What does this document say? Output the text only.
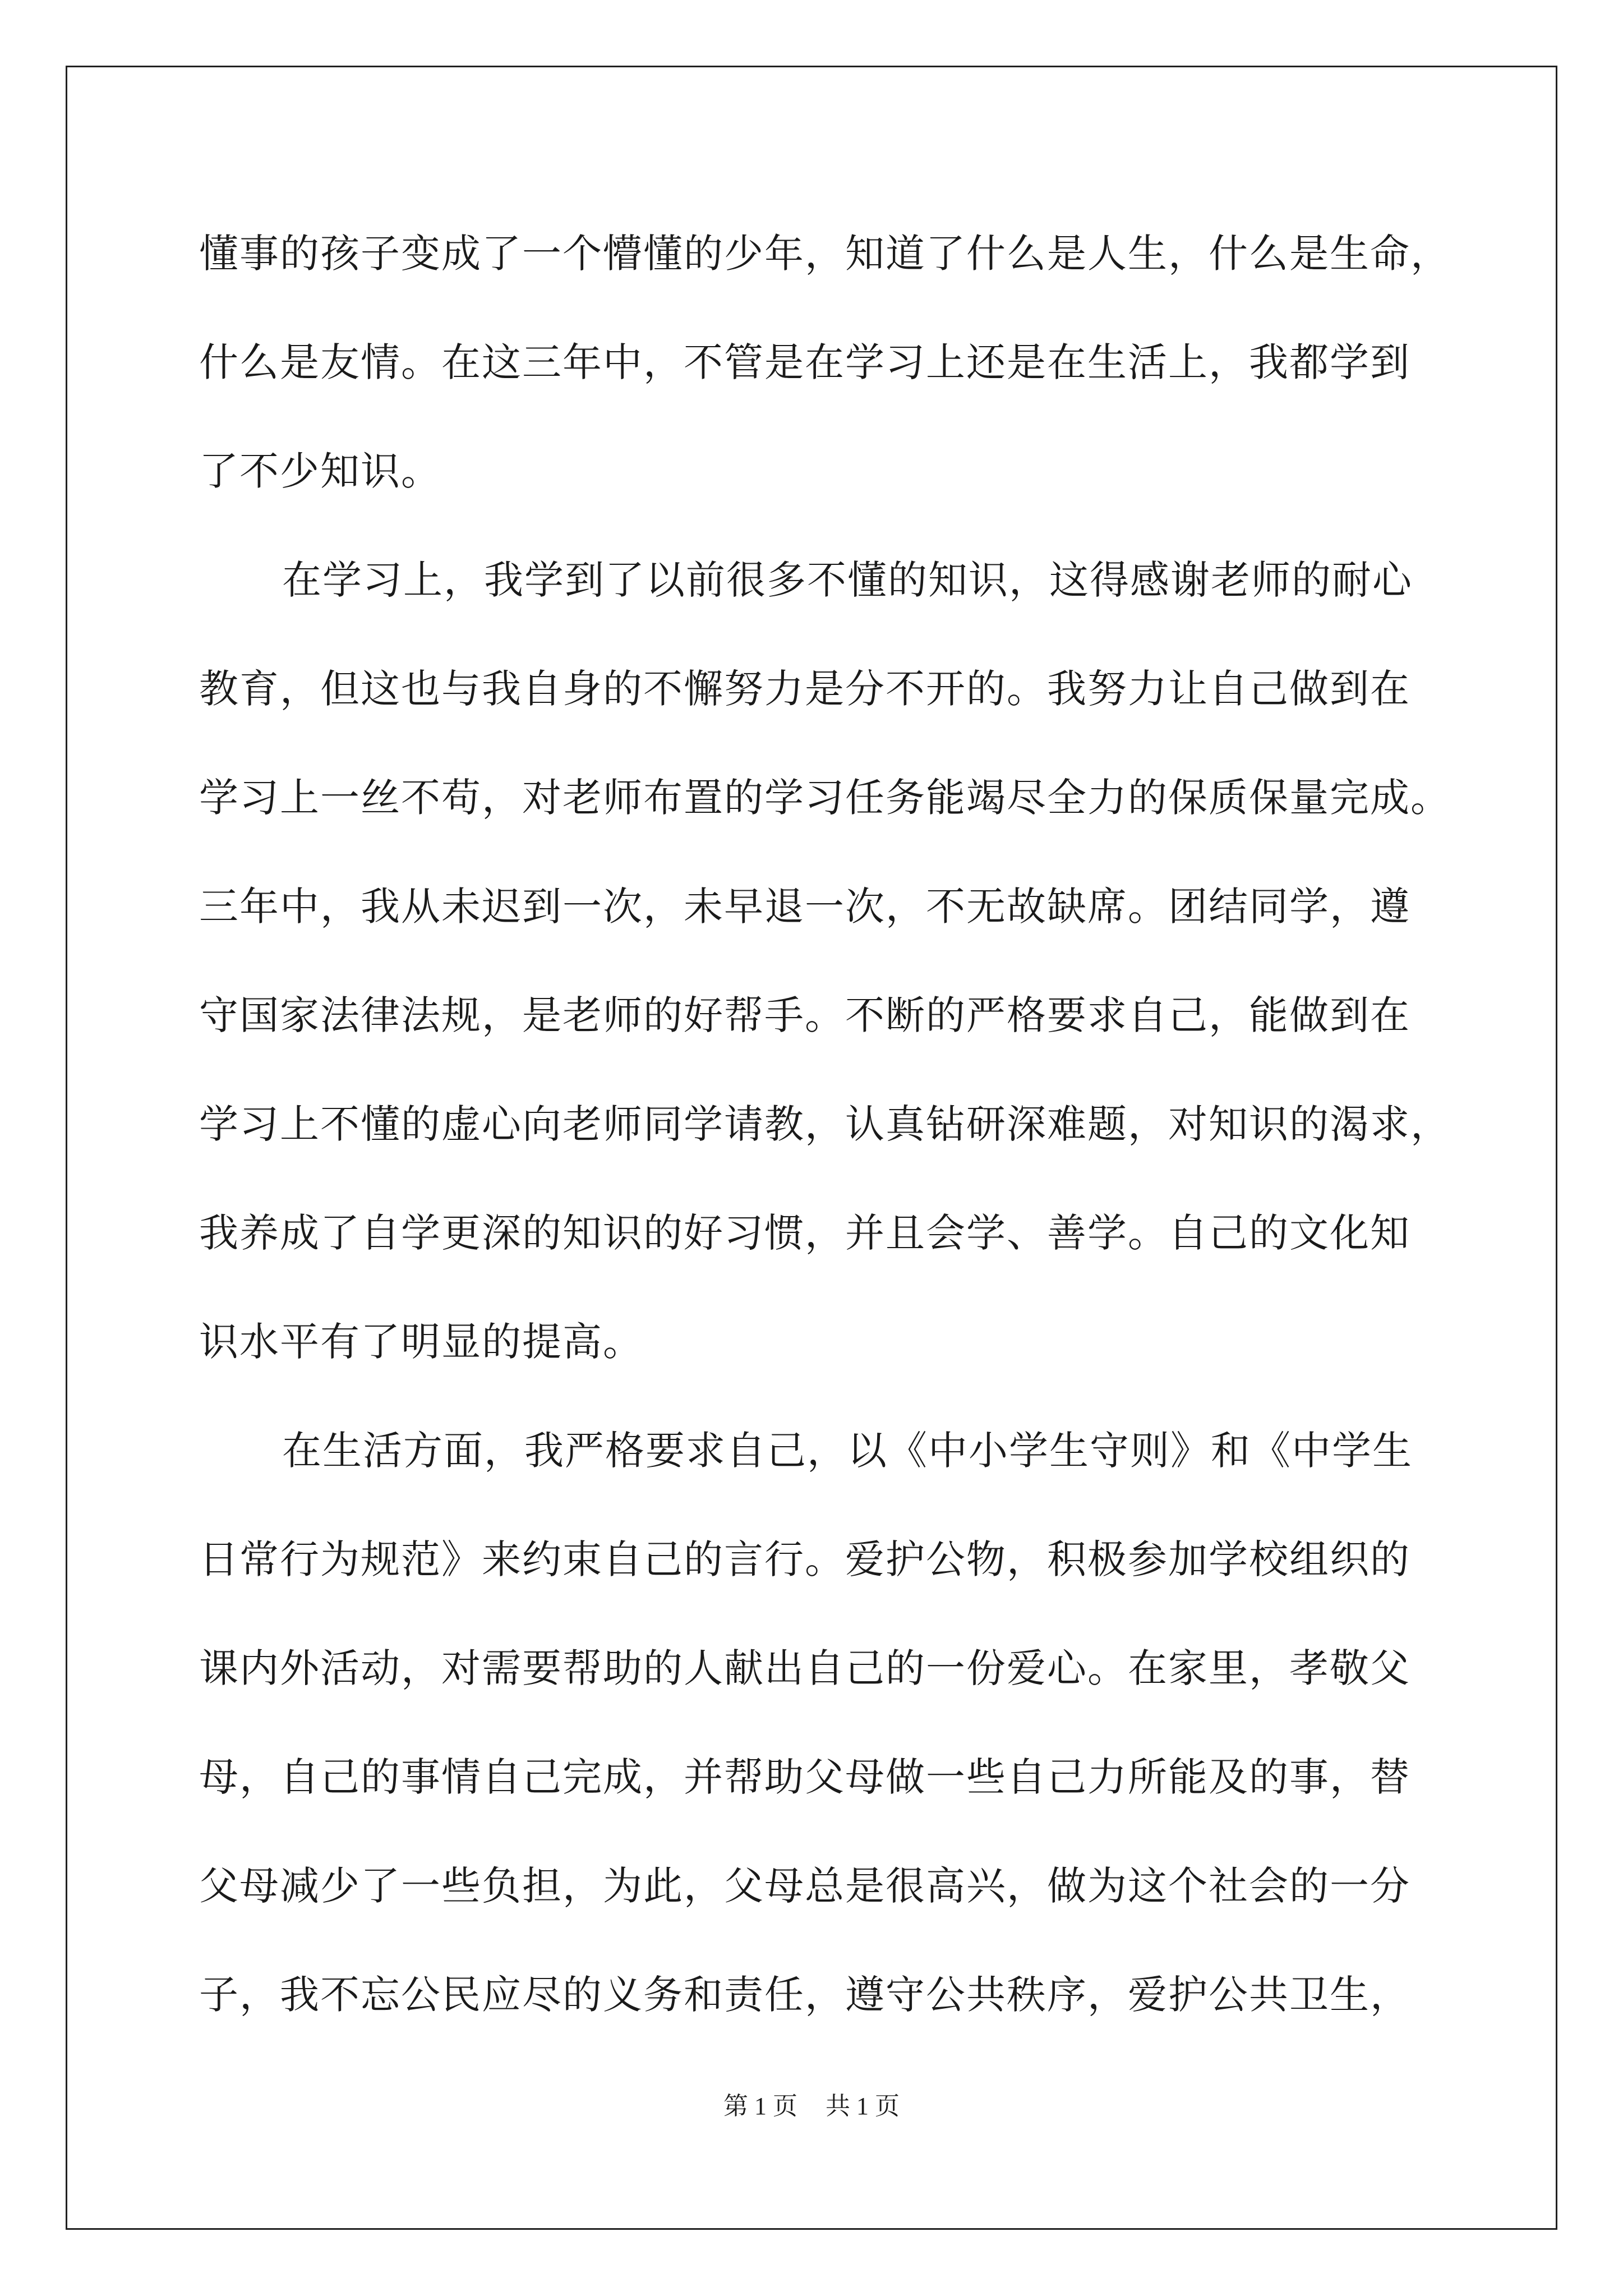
懂事的孩子变成了一个懵懂的少年，知道了什么是人生，什么是生命，
什么是友情。在这三年中，不管是在学习上还是在生活上，我都学到
了不少知识。
在学习上，我学到了以前很多不懂的知识，这得感谢老师的耐心
教育，但这也与我自身的不懈努力是分不开的。我努力让自己做到在
学习上一丝不苟，对老师布置的学习任务能竭尽全力的保质保量完成。
三年中，我从未迟到一次，未早退一次，不无故缺席。团结同学，遵
守国家法律法规，是老师的好帮手。不断的严格要求自己，能做到在
学习上不懂的虚心向老师同学请教，认真钻研深难题，对知识的渴求，
我养成了自学更深的知识的好习惯，并且会学、善学。自己的文化知
识水平有了明显的提高。
在生活方面，我严格要求自己，以《中小学生守则》和《中学生
日常行为规范》来约束自己的言行。爱护公物，积极参加学校组织的
课内外活动，对需要帮助的人献出自己的一份爱心。在家里，孝敬父
母，自己的事情自己完成，并帮助父母做一些自己力所能及的事，替
父母减少了一些负担，为此，父母总是很高兴，做为这个社会的一分
子，我不忘公民应尽的义务和责任，遵守公共秩序，爱护公共卫生，
第 1 页 共 1 页
